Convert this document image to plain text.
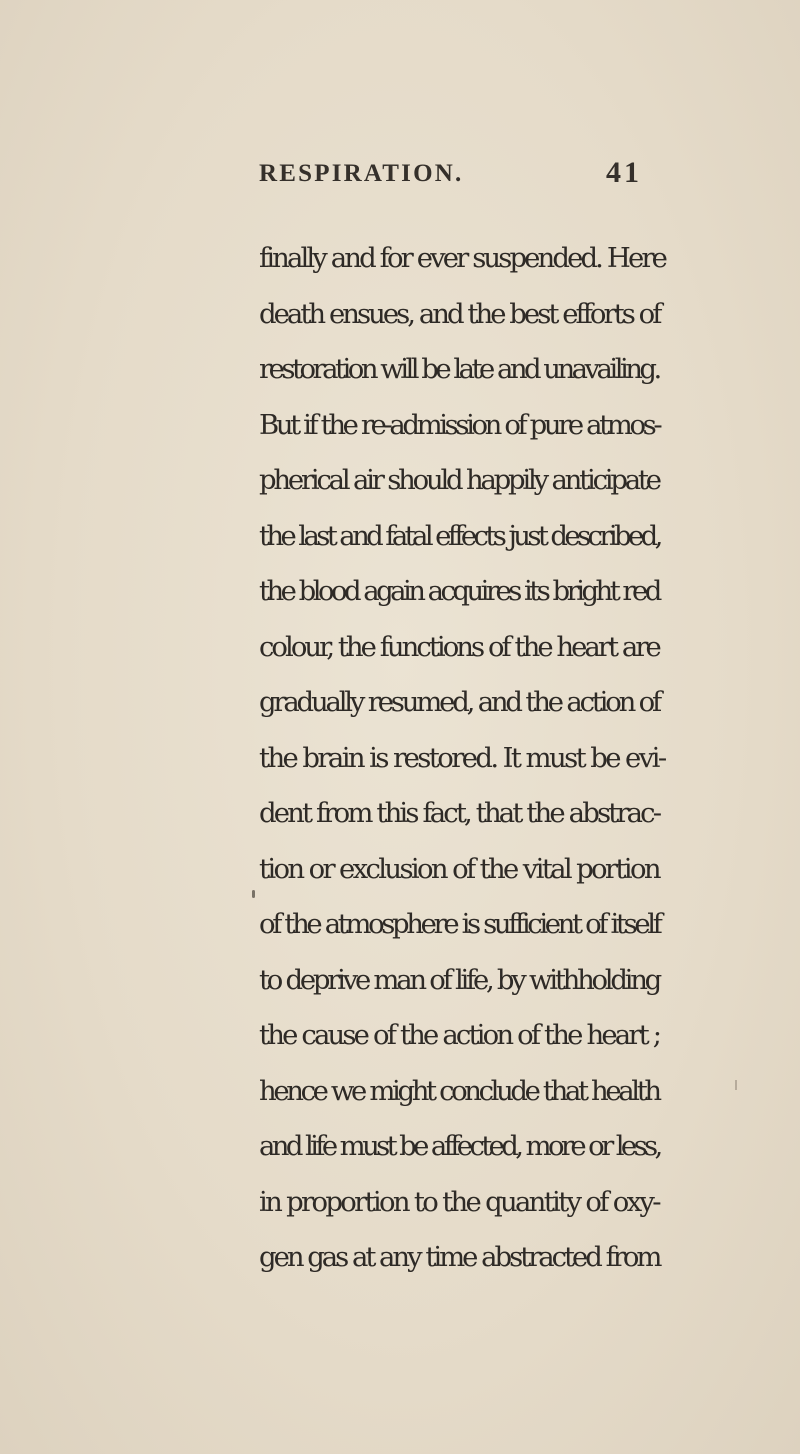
RESPIRATION.	41
finally and for ever suspended. Here
death ensues, and the best efforts of
restoration will be late and unavailing.
But if the re-admission of pure atmos-
pherical air should happily anticipate
the last and fatal effects just described,
the blood again acquires its bright red
colour, the functions of the heart are
gradually resumed, and the action of
the brain is restored. It must be evi-
dent from this fact, that the abstrac-
tion or exclusion of the vital portion
of the atmosphere is sufficient of itself
to deprive man of life, by withholding
the cause of the action of the heart ;
hence we might conclude that health
and life must be affected, more or less,
in proportion to the quantity of oxy-
gen gas at any time abstracted from
